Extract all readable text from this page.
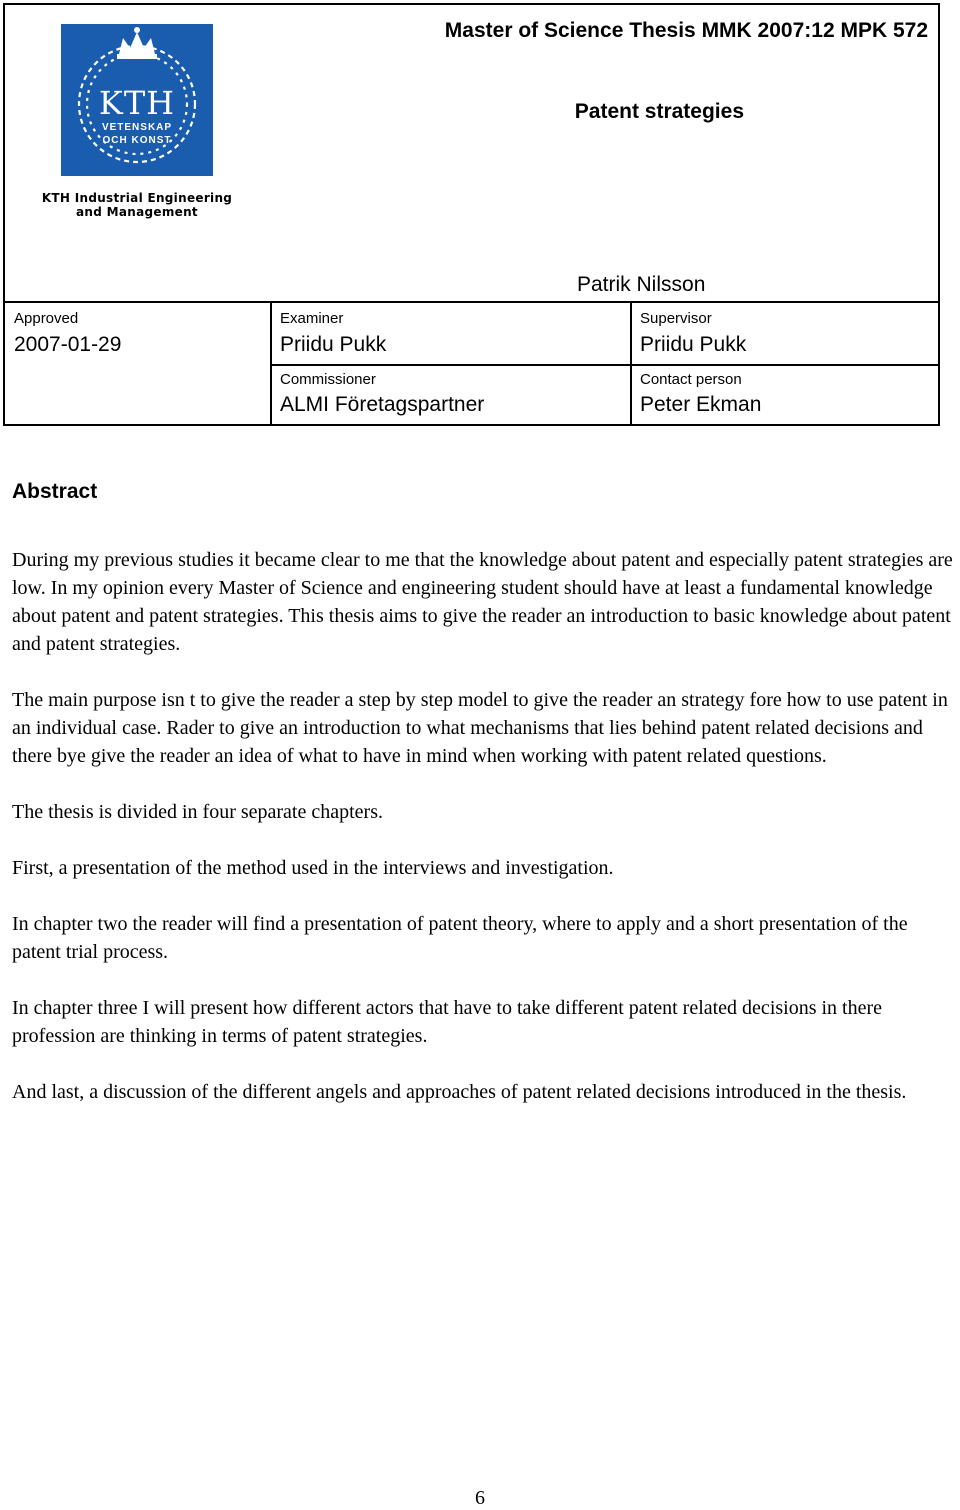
Master of Science Thesis MMK 2007:12 MPK 572
Patent strategies
Patrik Nilsson
KTH
VETENSKAP
OCH KONST
KTH Industrial Engineering
and Management
Approved
2007-01-29
Examiner
Priidu Pukk
Supervisor
Priidu Pukk
Commissioner
ALMI Företagspartner
Contact person
Peter Ekman
Abstract

During my previous studies it became clear to me that the knowledge about patent and especially patent strategies are low. In my opinion every Master of Science and engineering student should have at least a fundamental knowledge about patent and patent strategies. This thesis aims to give the reader an introduction to basic knowledge about patent and patent strategies.

The main purpose isn t to give the reader a step by step model to give the reader an strategy fore how to use patent in an individual case. Rader to give an introduction to what mechanisms that lies behind patent related decisions and there bye give the reader an idea of what to have in mind when working with patent related questions.

The thesis is divided in four separate chapters.

First, a presentation of the method used in the interviews and investigation.

In chapter two the reader will find a presentation of patent theory, where to apply and a short presentation of the patent trial process.

In chapter three I will present how different actors that have to take different patent related decisions in there profession are thinking in terms of patent strategies.

And last, a discussion of the different angels and approaches of patent related decisions introduced in the thesis.

6
